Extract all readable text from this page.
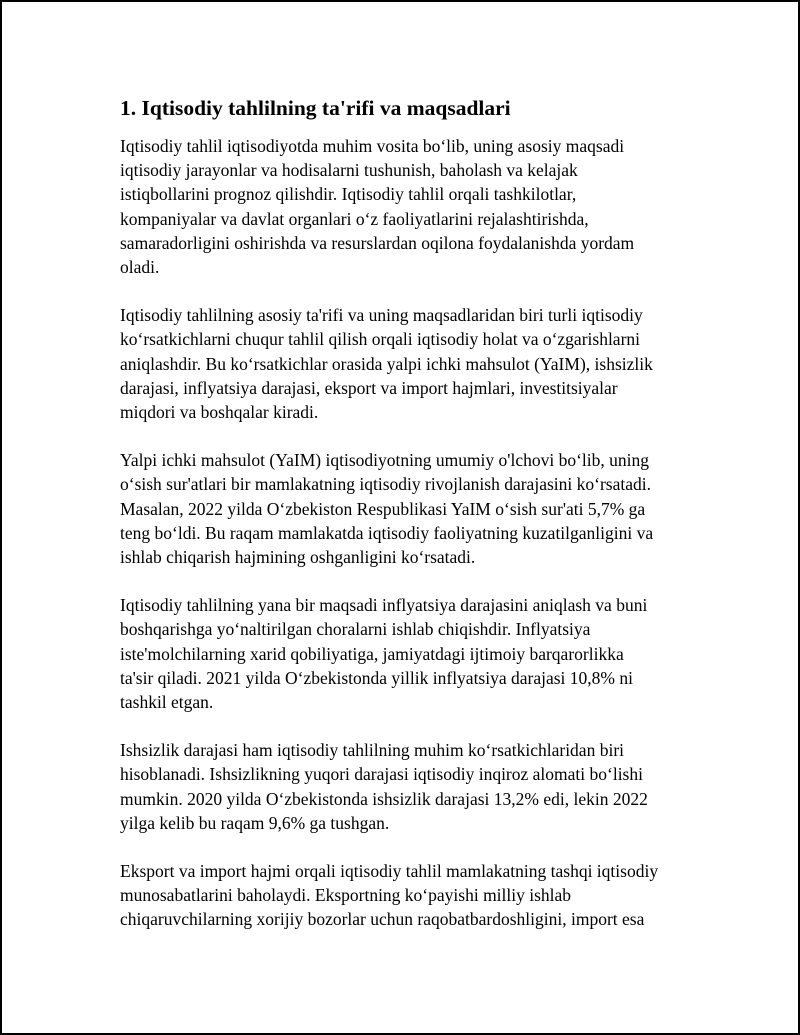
1. Iqtisodiy tahlilning ta'rifi va maqsadlari
Iqtisodiy tahlil iqtisodiyotda muhim vosita bo‘lib, uning asosiy maqsadi
iqtisodiy jarayonlar va hodisalarni tushunish, baholash va kelajak
istiqbollarini prognoz qilishdir. Iqtisodiy tahlil orqali tashkilotlar,
kompaniyalar va davlat organlari o‘z faoliyatlarini rejalashtirishda,
samaradorligini oshirishda va resurslardan oqilona foydalanishda yordam
oladi.
Iqtisodiy tahlilning asosiy ta'rifi va uning maqsadlaridan biri turli iqtisodiy
ko‘rsatkichlarni chuqur tahlil qilish orqali iqtisodiy holat va o‘zgarishlarni
aniqlashdir. Bu ko‘rsatkichlar orasida yalpi ichki mahsulot (YaIM), ishsizlik
darajasi, inflyatsiya darajasi, eksport va import hajmlari, investitsiyalar
miqdori va boshqalar kiradi.
Yalpi ichki mahsulot (YaIM) iqtisodiyotning umumiy o'lchovi bo‘lib, uning
o‘sish sur'atlari bir mamlakatning iqtisodiy rivojlanish darajasini ko‘rsatadi.
Masalan, 2022 yilda O‘zbekiston Respublikasi YaIM o‘sish sur'ati 5,7% ga
teng bo‘ldi. Bu raqam mamlakatda iqtisodiy faoliyatning kuzatilganligini va
ishlab chiqarish hajmining oshganligini ko‘rsatadi.
Iqtisodiy tahlilning yana bir maqsadi inflyatsiya darajasini aniqlash va buni
boshqarishga yo‘naltirilgan choralarni ishlab chiqishdir. Inflyatsiya
iste'molchilarning xarid qobiliyatiga, jamiyatdagi ijtimoiy barqarorlikka
ta'sir qiladi. 2021 yilda O‘zbekistonda yillik inflyatsiya darajasi 10,8% ni
tashkil etgan.
Ishsizlik darajasi ham iqtisodiy tahlilning muhim ko‘rsatkichlaridan biri
hisoblanadi. Ishsizlikning yuqori darajasi iqtisodiy inqiroz alomati bo‘lishi
mumkin. 2020 yilda O‘zbekistonda ishsizlik darajasi 13,2% edi, lekin 2022
yilga kelib bu raqam 9,6% ga tushgan.
Eksport va import hajmi orqali iqtisodiy tahlil mamlakatning tashqi iqtisodiy
munosabatlarini baholaydi. Eksportning ko‘payishi milliy ishlab
chiqaruvchilarning xorijiy bozorlar uchun raqobatbardoshligini, import esa
